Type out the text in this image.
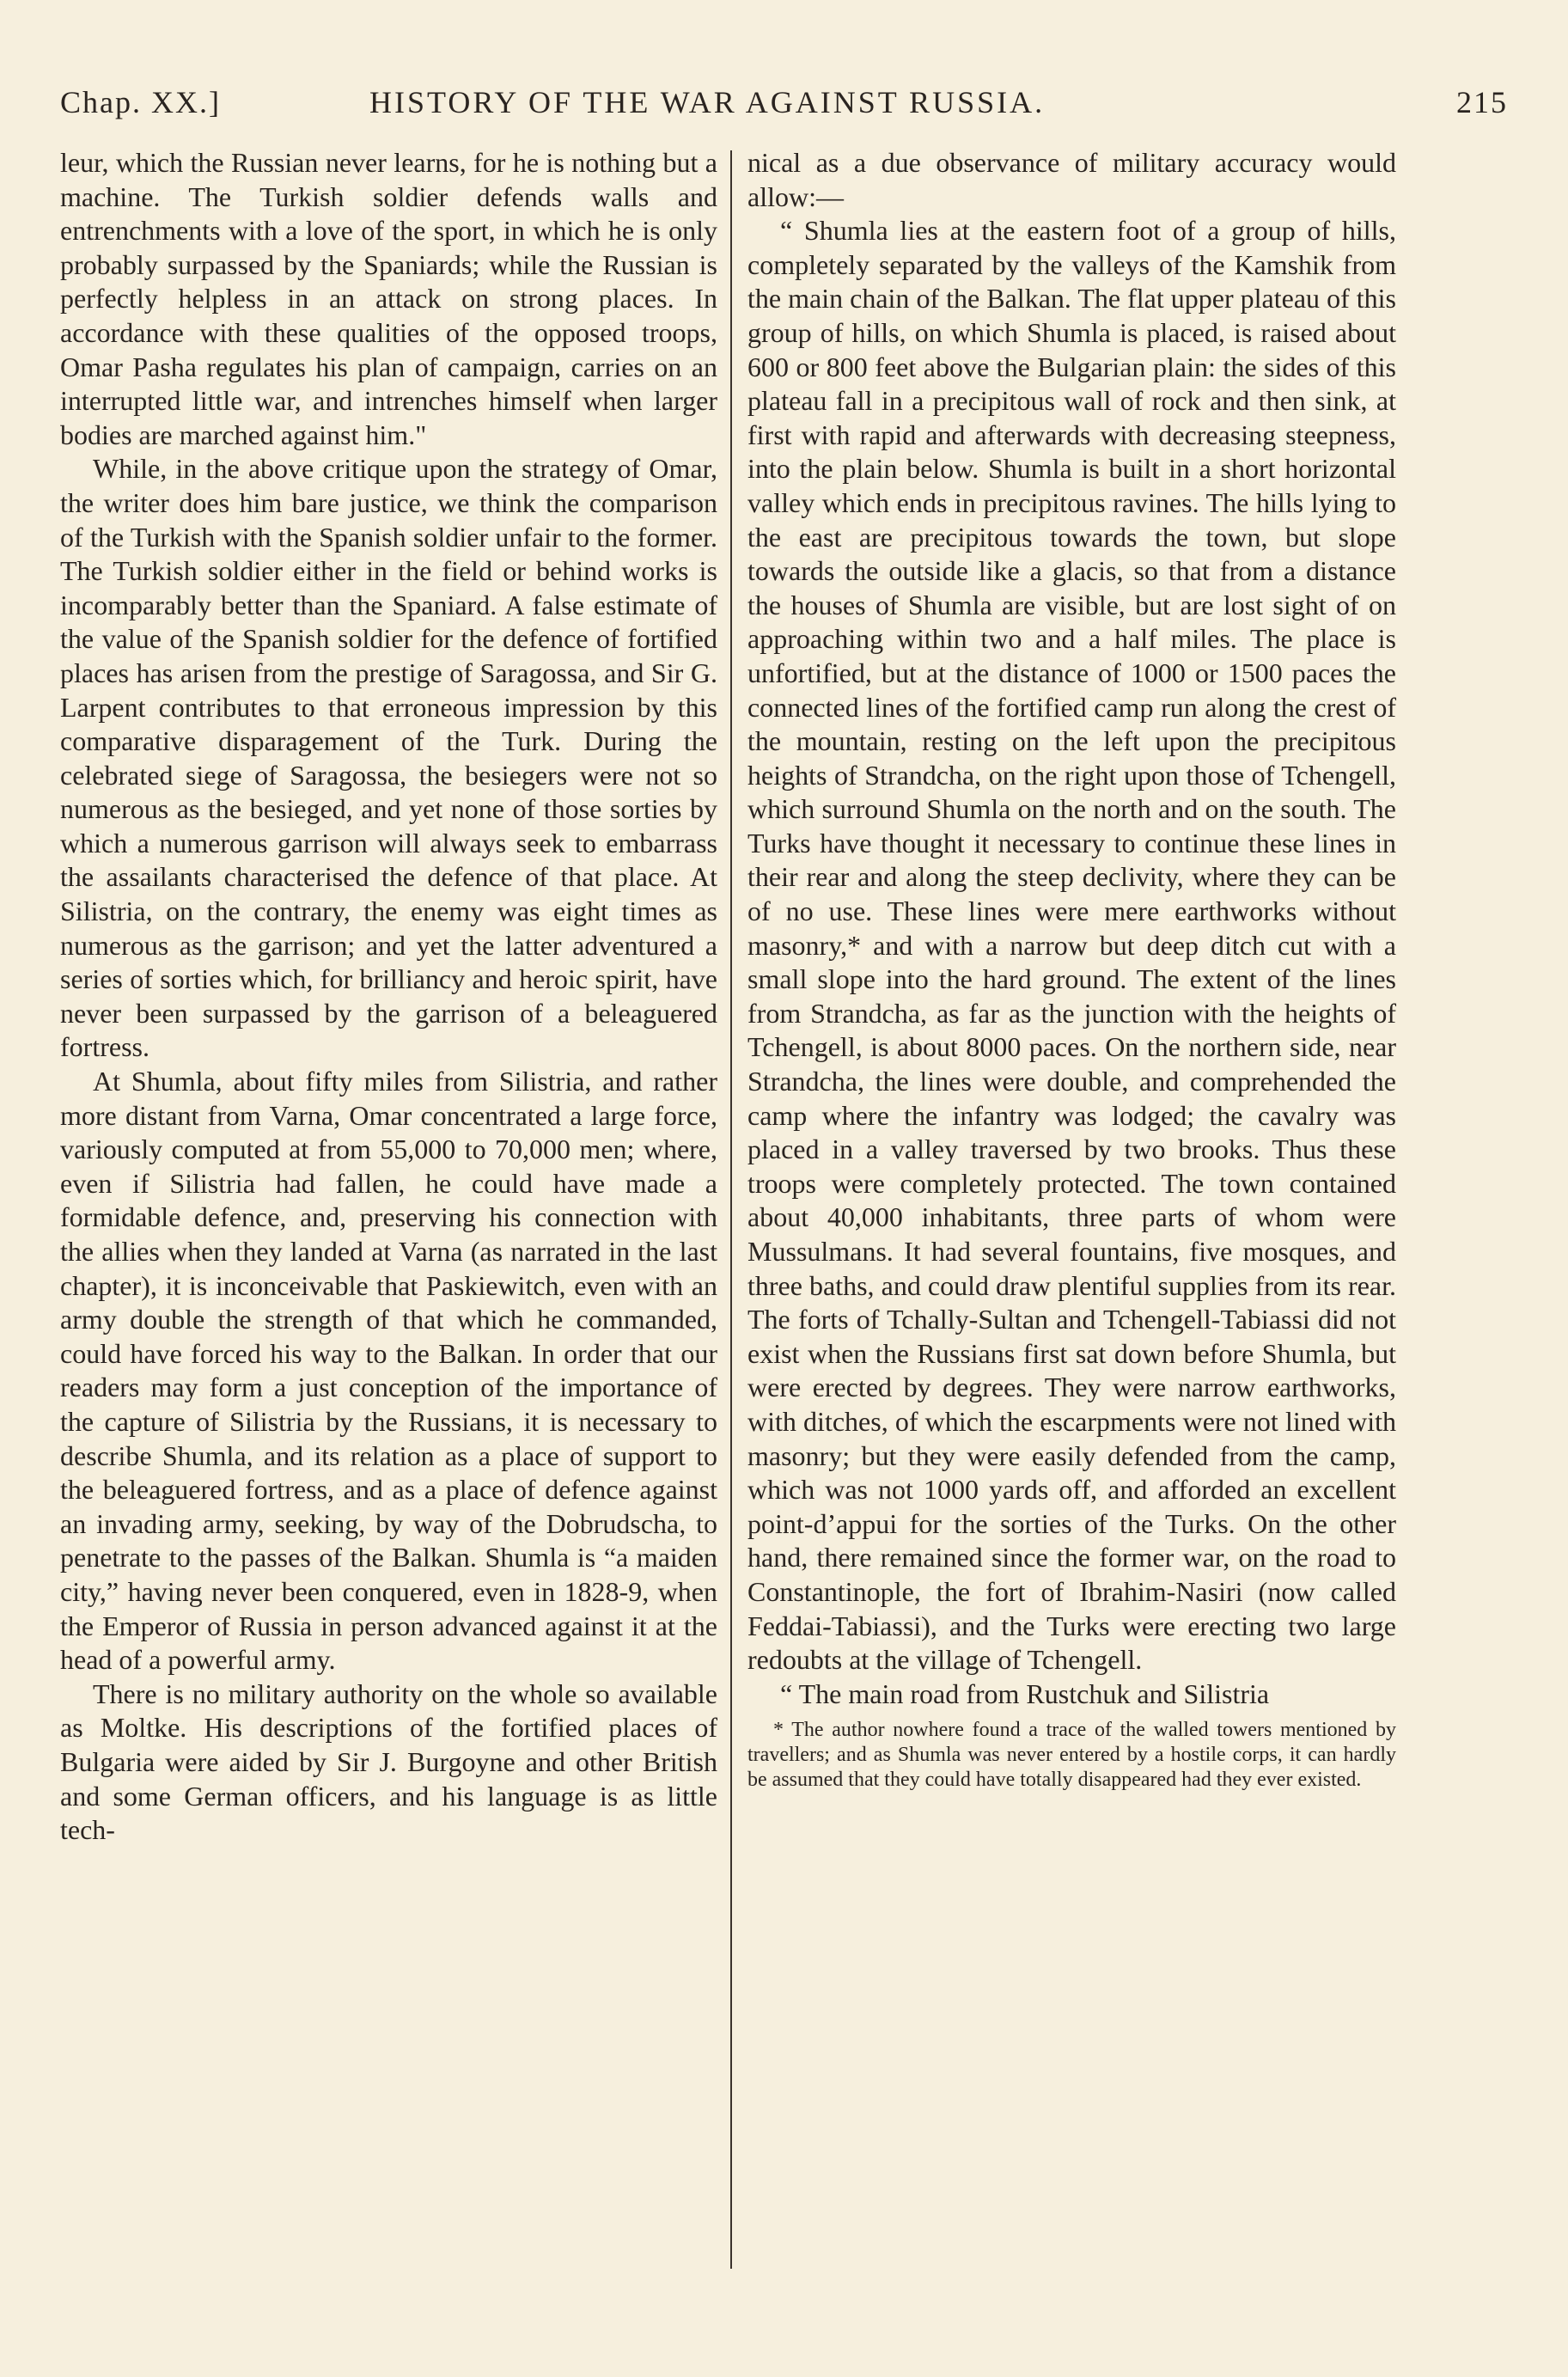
Chap. XX.]	HISTORY OF THE WAR AGAINST RUSSIA.	215

leur, which the Russian never learns, for he is nothing but a machine. The Turkish soldier defends walls and entrenchments with a love of the sport, in which he is only probably surpassed by the Spaniards; while the Russian is perfectly helpless in an attack on strong places. In accordance with these qualities of the opposed troops, Omar Pasha regulates his plan of campaign, carries on an interrupted little war, and intrenches himself when larger bodies are marched against him."

While, in the above critique upon the strategy of Omar, the writer does him bare justice, we think the comparison of the Turkish with the Spanish soldier unfair to the former. The Turkish soldier either in the field or behind works is incomparably better than the Spaniard. A false estimate of the value of the Spanish soldier for the defence of fortified places has arisen from the prestige of Saragossa, and Sir G. Larpent contributes to that erroneous impression by this comparative disparagement of the Turk. During the celebrated siege of Saragossa, the besiegers were not so numerous as the besieged, and yet none of those sorties by which a numerous garrison will always seek to embarrass the assailants characterised the defence of that place. At Silistria, on the contrary, the enemy was eight times as numerous as the garrison; and yet the latter adventured a series of sorties which, for brilliancy and heroic spirit, have never been surpassed by the garrison of a beleaguered fortress.

At Shumla, about fifty miles from Silistria, and rather more distant from Varna, Omar concentrated a large force, variously computed at from 55,000 to 70,000 men; where, even if Silistria had fallen, he could have made a formidable defence, and, preserving his connection with the allies when they landed at Varna (as narrated in the last chapter), it is inconceivable that Paskiewitch, even with an army double the strength of that which he commanded, could have forced his way to the Balkan. In order that our readers may form a just conception of the importance of the capture of Silistria by the Russians, it is necessary to describe Shumla, and its relation as a place of support to the beleaguered fortress, and as a place of defence against an invading army, seeking, by way of the Dobrudscha, to penetrate to the passes of the Balkan. Shumla is “a maiden city,” having never been conquered, even in 1828-9, when the Emperor of Russia in person advanced against it at the head of a powerful army.

There is no military authority on the whole so available as Moltke. His descriptions of the fortified places of Bulgaria were aided by Sir J. Burgoyne and other British and some German officers, and his language is as little tech-

nical as a due observance of military accuracy would allow:—

“ Shumla lies at the eastern foot of a group of hills, completely separated by the valleys of the Kamshik from the main chain of the Balkan. The flat upper plateau of this group of hills, on which Shumla is placed, is raised about 600 or 800 feet above the Bulgarian plain: the sides of this plateau fall in a precipitous wall of rock and then sink, at first with rapid and afterwards with decreasing steepness, into the plain below. Shumla is built in a short horizontal valley which ends in precipitous ravines. The hills lying to the east are precipitous towards the town, but slope towards the outside like a glacis, so that from a distance the houses of Shumla are visible, but are lost sight of on approaching within two and a half miles. The place is unfortified, but at the distance of 1000 or 1500 paces the connected lines of the fortified camp run along the crest of the mountain, resting on the left upon the precipitous heights of Strandcha, on the right upon those of Tchengell, which surround Shumla on the north and on the south. The Turks have thought it necessary to continue these lines in their rear and along the steep declivity, where they can be of no use. These lines were mere earthworks without masonry,* and with a narrow but deep ditch cut with a small slope into the hard ground. The extent of the lines from Strandcha, as far as the junction with the heights of Tchengell, is about 8000 paces. On the northern side, near Strandcha, the lines were double, and comprehended the camp where the infantry was lodged; the cavalry was placed in a valley traversed by two brooks. Thus these troops were completely protected. The town contained about 40,000 inhabitants, three parts of whom were Mussulmans. It had several fountains, five mosques, and three baths, and could draw plentiful supplies from its rear. The forts of Tchally-Sultan and Tchengell-Tabiassi did not exist when the Russians first sat down before Shumla, but were erected by degrees. They were narrow earthworks, with ditches, of which the escarpments were not lined with masonry; but they were easily defended from the camp, which was not 1000 yards off, and afforded an excellent point-d’appui for the sorties of the Turks. On the other hand, there remained since the former war, on the road to Constantinople, the fort of Ibrahim-Nasiri (now called Feddai-Tabiassi), and the Turks were erecting two large redoubts at the village of Tchengell.

“ The main road from Rustchuk and Silistria

* The author nowhere found a trace of the walled towers mentioned by travellers; and as Shumla was never entered by a hostile corps, it can hardly be assumed that they could have totally disappeared had they ever existed.
